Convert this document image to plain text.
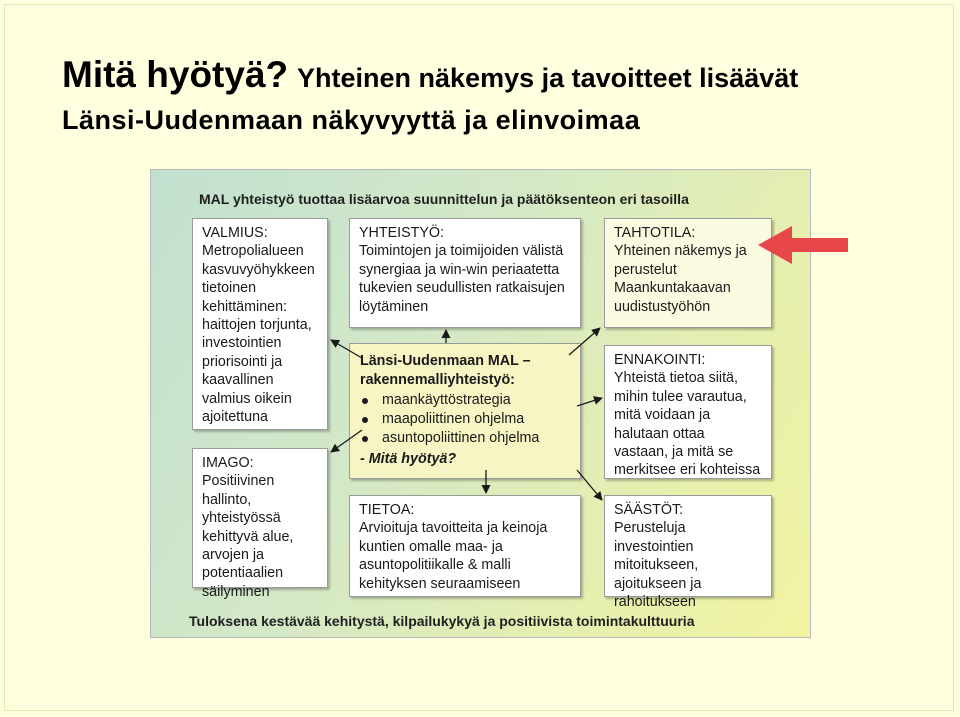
Mitä hyötyä? Yhteinen näkemys ja tavoitteet lisäävät
Länsi-Uudenmaan näkyvyyttä ja elinvoimaa
MAL yhteistyö tuottaa lisäarvoa suunnittelun ja päätöksenteon eri tasoilla
VALMIUS:
Metropolialueen kasvuvyöhykkeen tietoinen kehittäminen: haittojen torjunta, investointien priorisointi ja kaavallinen valmius oikein ajoitettuna
IMAGO:
Positiivinen hallinto, yhteistyössä kehittyvä alue, arvojen ja potentiaalien säilyminen
YHTEISTYÖ:
Toimintojen ja toimijoiden välistä synergiaa ja win-win periaatetta tukevien seudullisten ratkaisujen löytäminen
Länsi-Uudenmaan MAL – rakennemalliyhteistyö:
maankäyttöstrategia
maapoliittinen ohjelma
asuntopoliittinen ohjelma
- Mitä hyötyä?
TIETOA:
Arvioituja tavoitteita ja keinoja kuntien omalle maa- ja asuntopolitiikalle & malli kehityksen seuraamiseen
TAHTOTILA:
Yhteinen näkemys ja perustelut Maankuntakaavan uudistustyöhön
ENNAKOINTI:
Yhteistä tietoa siitä, mihin tulee varautua, mitä voidaan ja halutaan ottaa vastaan, ja mitä se merkitsee eri kohteissa
SÄÄSTÖT:
Perusteluja investointien mitoitukseen, ajoitukseen ja rahoitukseen
Tuloksena kestävää kehitystä, kilpailukykyä ja positiivista toimintakulttuuria
